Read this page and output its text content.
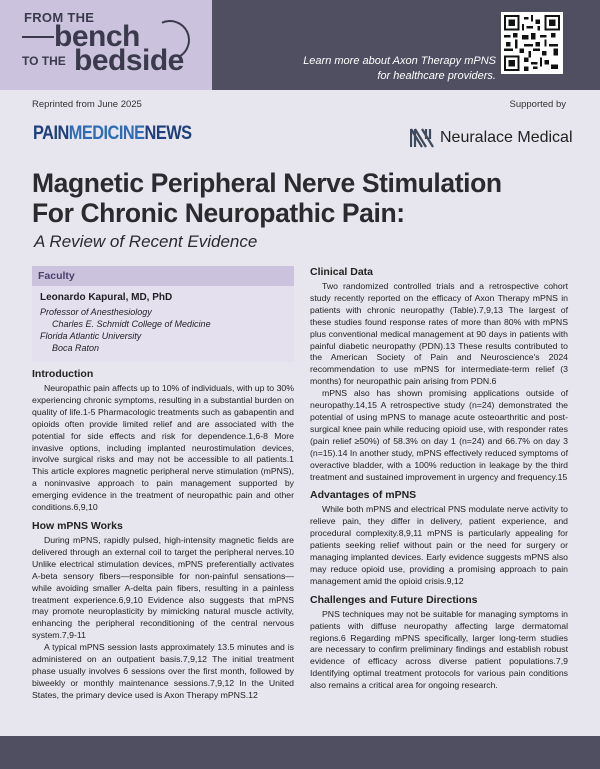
FROM THE
bench
TO THE bedside	Learn more about Axon Therapy mPNS
for healthcare providers.
Reprinted from June 2025	Supported by
PAINMEDICINENEWS	Neuralace Medical
Magnetic Peripheral Nerve Stimulation
For Chronic Neuropathic Pain:
A Review of Recent Evidence
Faculty
Leonardo Kapural, MD, PhD
Professor of Anesthesiology
Charles E. Schmidt College of Medicine
Florida Atlantic University
Boca Raton
Introduction

Neuropathic pain affects up to 10% of individuals, with up to 30% experiencing chronic symptoms, resulting in a substantial burden on quality of life.1-5 Pharmacologic treatments such as gabapentin and opioids often provide limited relief and are associated with the potential for side effects and risk for dependence.1,6-8 More invasive options, including implanted neurostimulation devices, involve surgical risks and may not be accessible to all patients.1 This article explores magnetic peripheral nerve stimulation (mPNS), a noninvasive approach to pain management supported by emerging evidence in the treatment of neuropathic pain and other conditions.6,9,10

How mPNS Works

During mPNS, rapidly pulsed, high-intensity magnetic fields are delivered through an external coil to target the peripheral nerves.10 Unlike electrical stimulation devices, mPNS preferentially activates A-beta sensory fibers—responsible for non-painful sensations—while avoiding smaller A-delta pain fibers, resulting in a painless treatment experience.6,9,10 Evidence also suggests that mPNS may promote neuroplasticity by mimicking natural muscle activity, enhancing the peripheral reconditioning of the central nervous system.7,9-11

A typical mPNS session lasts approximately 13.5 minutes and is administered on an outpatient basis.7,9,12 The initial treatment phase usually involves 6 sessions over the first month, followed by biweekly or monthly maintenance sessions.7,9,12 In the United States, the primary device used is Axon Therapy mPNS.12

Clinical Data

Two randomized controlled trials and a retrospective cohort study recently reported on the efficacy of Axon Therapy mPNS in patients with chronic neuropathy (Table).7,9,13 The largest of these studies found response rates of more than 80% with mPNS plus conventional medical management at 90 days in patients with painful diabetic neuropathy (PDN).13 These results contributed to the American Society of Pain and Neuroscience's 2024 recommendation to use mPNS for intermediate-term relief (3 months) for neuropathic pain arising from PDN.6

mPNS also has shown promising applications outside of neuropathy.14,15 A retrospective study (n=24) demonstrated the potential of using mPNS to manage acute osteoarthritic and post-surgical knee pain while reducing opioid use, with responder rates (pain relief ≥50%) of 58.3% on day 1 (n=24) and 66.7% on day 3 (n=15).14 In another study, mPNS effectively reduced symptoms of overactive bladder, with a 100% reduction in leakage by the third treatment and sustained improvement in urgency and frequency.15

Advantages of mPNS

While both mPNS and electrical PNS modulate nerve activity to relieve pain, they differ in delivery, patient experience, and procedural complexity.8,9,11 mPNS is particularly appealing for patients seeking relief without pain or the need for surgery or managing implanted devices. Early evidence suggests mPNS also may reduce opioid use, providing a promising approach to pain management amid the opioid crisis.9,12

Challenges and Future Directions

PNS techniques may not be suitable for managing symptoms in patients with diffuse neuropathy affecting large dermatomal regions.6 Regarding mPNS specifically, larger long-term studies are necessary to confirm preliminary findings and establish robust evidence of efficacy across diverse patient populations.7,9 Identifying optimal treatment protocols for various pain conditions also remains a critical area for ongoing research.
